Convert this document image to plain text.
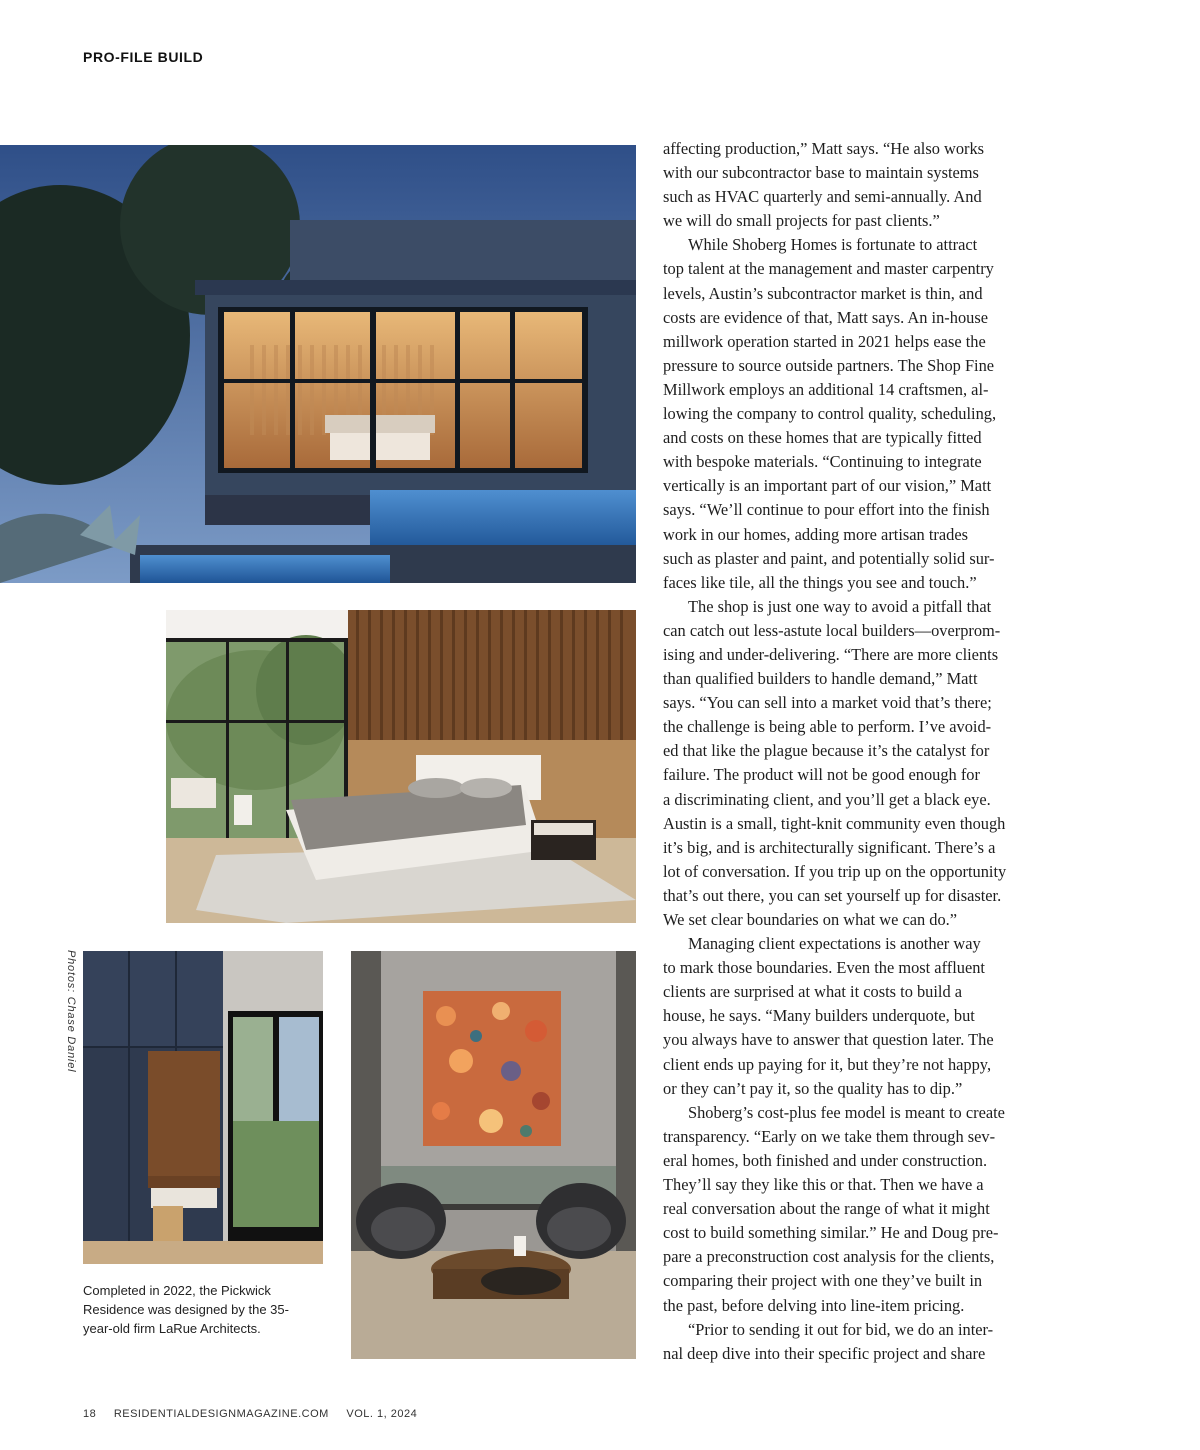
PRO-FILE BUILD
Photos: Chase Daniel
Completed in 2022, the Pickwick Residence was designed by the 35-year-old firm LaRue Architects.
affecting production,” Matt says. “He also works
with our subcontractor base to maintain systems
such as HVAC quarterly and semi-annually. And
we will do small projects for past clients.”
While Shoberg Homes is fortunate to attract
top talent at the management and master carpentry
levels, Austin’s subcontractor market is thin, and
costs are evidence of that, Matt says. An in-house
millwork operation started in 2021 helps ease the
pressure to source outside partners. The Shop Fine
Millwork employs an additional 14 craftsmen, al-
lowing the company to control quality, scheduling,
and costs on these homes that are typically fitted
with bespoke materials. “Continuing to integrate
vertically is an important part of our vision,” Matt
says. “We’ll continue to pour effort into the finish
work in our homes, adding more artisan trades
such as plaster and paint, and potentially solid sur-
faces like tile, all the things you see and touch.”
The shop is just one way to avoid a pitfall that
can catch out less-astute local builders—overprom-
ising and under-delivering. “There are more clients
than qualified builders to handle demand,” Matt
says. “You can sell into a market void that’s there;
the challenge is being able to perform. I’ve avoid-
ed that like the plague because it’s the catalyst for
failure. The product will not be good enough for
a discriminating client, and you’ll get a black eye.
Austin is a small, tight-knit community even though
it’s big, and is architecturally significant. There’s a
lot of conversation. If you trip up on the opportunity
that’s out there, you can set yourself up for disaster.
We set clear boundaries on what we can do.”
Managing client expectations is another way
to mark those boundaries. Even the most affluent
clients are surprised at what it costs to build a
house, he says. “Many builders underquote, but
you always have to answer that question later. The
client ends up paying for it, but they’re not happy,
or they can’t pay it, so the quality has to dip.”
Shoberg’s cost-plus fee model is meant to create
transparency. “Early on we take them through sev-
eral homes, both finished and under construction.
They’ll say they like this or that. Then we have a
real conversation about the range of what it might
cost to build something similar.” He and Doug pre-
pare a preconstruction cost analysis for the clients,
comparing their project with one they’ve built in
the past, before delving into line-item pricing.
“Prior to sending it out for bid, we do an inter-
nal deep dive into their specific project and share
18 RESIDENTIALDESIGNMAGAZINE.COM VOL. 1, 2024
